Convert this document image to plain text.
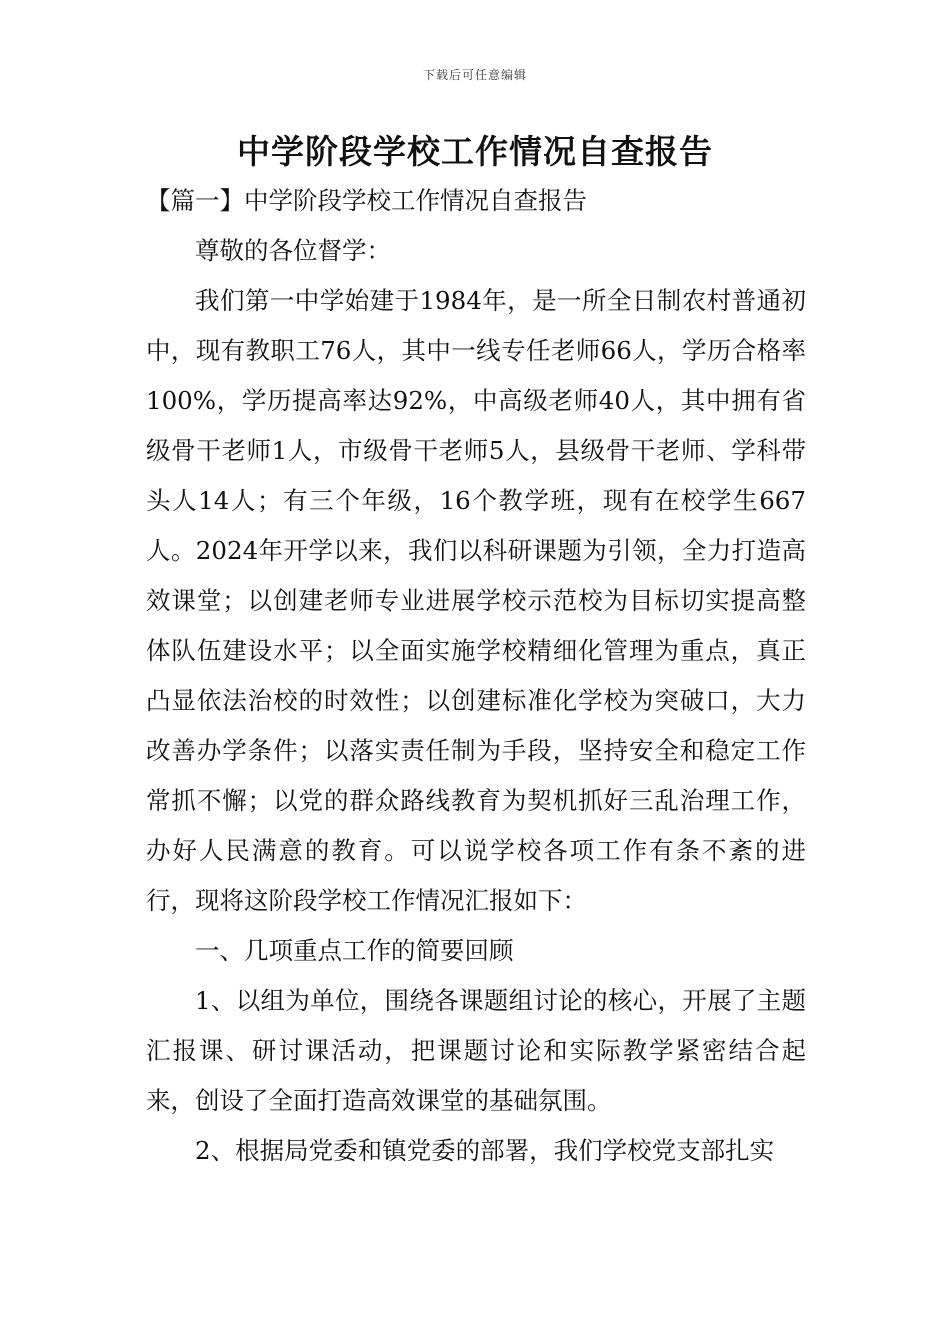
下载后可任意编辑
中学阶段学校工作情况自查报告

【篇一】中学阶段学校工作情况自查报告

尊敬的各位督学：

我们第一中学始建于1984年，是一所全日制农村普通初中，现有教职工76人，其中一线专任老师66人，学历合格率100%，学历提高率达92%，中高级老师40人，其中拥有省级骨干老师1人，市级骨干老师5人，县级骨干老师、学科带头人14人；有三个年级，16个教学班，现有在校学生667人。2024年开学以来，我们以科研课题为引领，全力打造高效课堂；以创建老师专业进展学校示范校为目标切实提高整体队伍建设水平；以全面实施学校精细化管理为重点，真正凸显依法治校的时效性；以创建标准化学校为突破口，大力改善办学条件；以落实责任制为手段，坚持安全和稳定工作常抓不懈；以党的群众路线教育为契机抓好三乱治理工作，办好人民满意的教育。可以说学校各项工作有条不紊的进行，现将这阶段学校工作情况汇报如下：

一、几项重点工作的简要回顾

1、以组为单位，围绕各课题组讨论的核心，开展了主题汇报课、研讨课活动，把课题讨论和实际教学紧密结合起来，创设了全面打造高效课堂的基础氛围。

2、根据局党委和镇党委的部署，我们学校党支部扎实
